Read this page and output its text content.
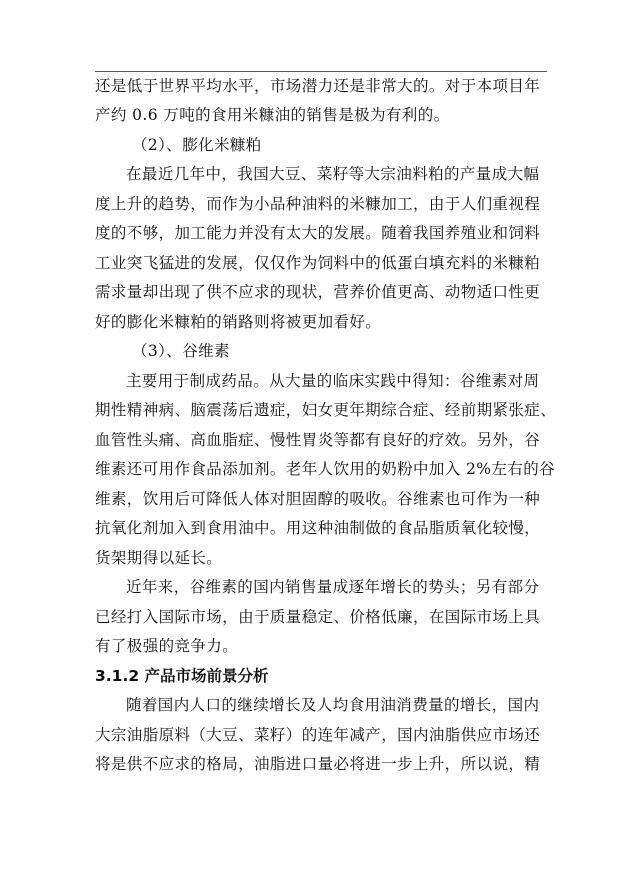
还是低于世界平均水平，市场潜力还是非常大的。对于本项目年
产约 0.6 万吨的食用米糠油的销售是极为有利的。
（2）、膨化米糠粕
在最近几年中，我国大豆、菜籽等大宗油料粕的产量成大幅
度上升的趋势，而作为小品种油料的米糠加工，由于人们重视程
度的不够，加工能力并没有太大的发展。随着我国养殖业和饲料
工业突飞猛进的发展，仅仅作为饲料中的低蛋白填充料的米糠粕
需求量却出现了供不应求的现状，营养价值更高、动物适口性更
好的膨化米糠粕的销路则将被更加看好。
（3）、谷维素
主要用于制成药品。从大量的临床实践中得知：谷维素对周
期性精神病、脑震荡后遗症，妇女更年期综合症、经前期紧张症、
血管性头痛、高血脂症、慢性胃炎等都有良好的疗效。另外，谷
维素还可用作食品添加剂。老年人饮用的奶粉中加入 2%左右的谷
维素，饮用后可降低人体对胆固醇的吸收。谷维素也可作为一种
抗氧化剂加入到食用油中。用这种油制做的食品脂质氧化较慢，
货架期得以延长。
近年来，谷维素的国内销售量成逐年增长的势头；另有部分
已经打入国际市场，由于质量稳定、价格低廉，在国际市场上具
有了极强的竞争力。
3.1.2 产品市场前景分析
随着国内人口的继续增长及人均食用油消费量的增长，国内
大宗油脂原料（大豆、菜籽）的连年减产，国内油脂供应市场还
将是供不应求的格局，油脂进口量必将进一步上升，所以说，精
